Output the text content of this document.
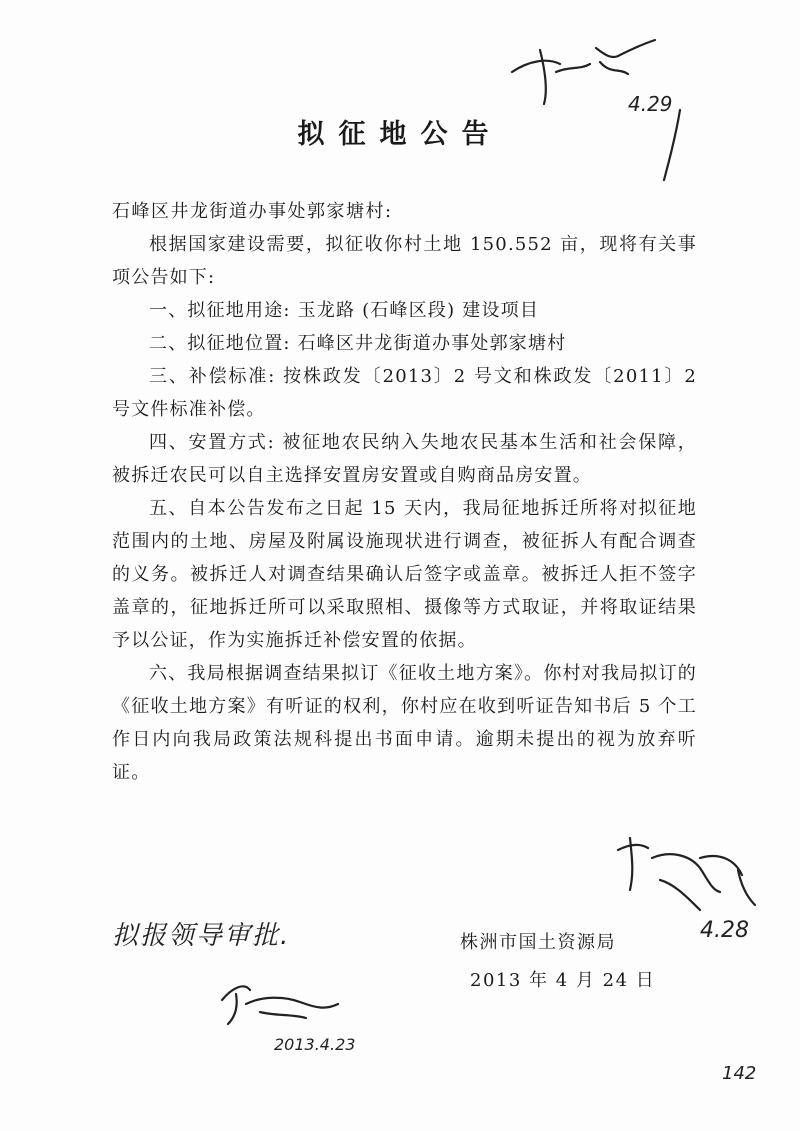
拟征地公告
石峰区井龙街道办事处郭家塘村:

根据国家建设需要，拟征收你村土地 150.552 亩，现将有关事项公告如下:

一、拟征地用途: 玉龙路 (石峰区段) 建设项目

二、拟征地位置: 石峰区井龙街道办事处郭家塘村

三、补偿标准: 按株政发〔2013〕2 号文和株政发〔2011〕2 号文件标准补偿。

四、安置方式: 被征地农民纳入失地农民基本生活和社会保障，被拆迁农民可以自主选择安置房安置或自购商品房安置。

五、自本公告发布之日起 15 天内，我局征地拆迁所将对拟征地范围内的土地、房屋及附属设施现状进行调查，被征拆人有配合调查的义务。被拆迁人对调查结果确认后签字或盖章。被拆迁人拒不签字盖章的，征地拆迁所可以采取照相、摄像等方式取证，并将取证结果予以公证，作为实施拆迁补偿安置的依据。

六、我局根据调查结果拟订《征收土地方案》。你村对我局拟订的《征收土地方案》有听证的权利，你村应在收到听证告知书后 5 个工作日内向我局政策法规科提出书面申请。逾期未提出的视为放弃听证。

株洲市国土资源局
2013 年 4 月 24 日
4.29
4.28
拟报领导审批.
2013.4.23
142
